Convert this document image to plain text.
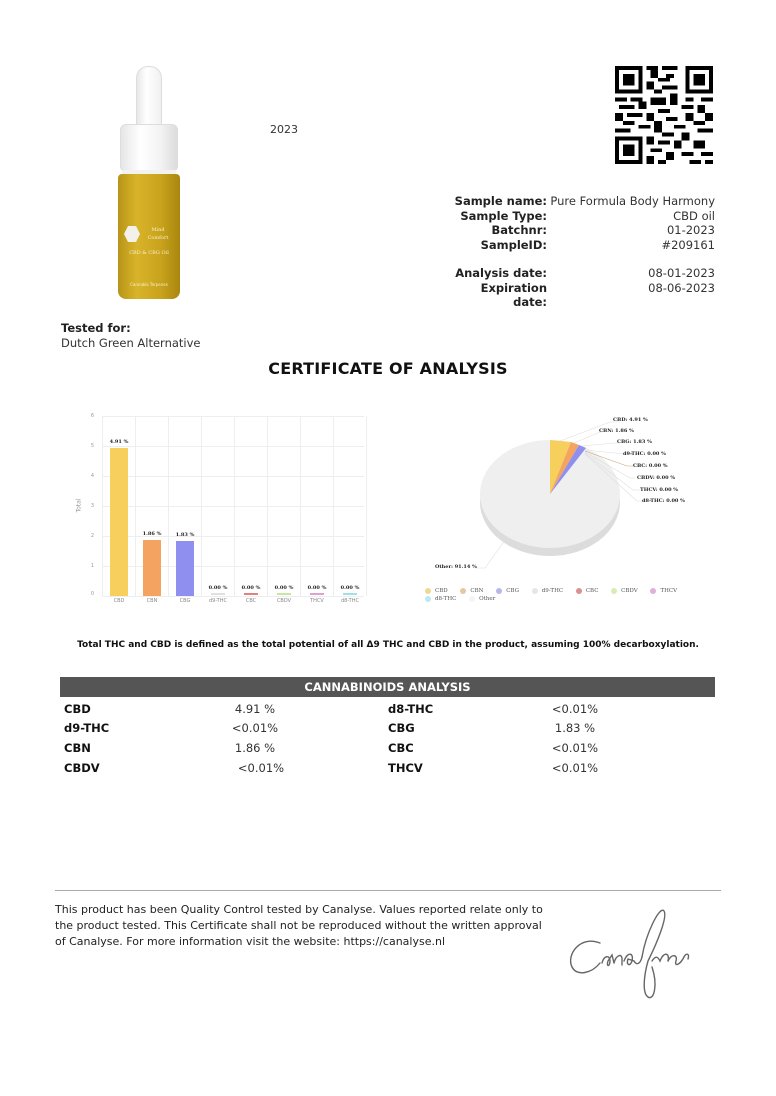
Mind
Comfort
CBD & CBG Oil
Cannabis Terpenes
2023
Sample name: Pure Formula Body Harmony
Sample Type:	CBD oil
Batchnr:	01-2023
SampleID:	#209161
Analysis date:	08-01-2023
Expiration date:
08-06-2023
Tested for:
Dutch Green Alternative
CERTIFICATE OF ANALYSIS
6
5
4
3
2
1
0
Total
4.91 %
1.86 %	1.83 %
0.00 %	0.00 %	0.00 %	0.00 %	0.00 %
CBD	CBN	CBG	d9-THC	CBC	CBDV	THCV	d8-THC
CBD: 4.91 %
CBN: 1.86 %
CBG: 1.83 %
d9-THC: 0.00 %
CBC: 0.00 %
CBDV: 0.00 %
THCV: 0.00 %
d8-THC: 0.00 %
Other: 91.14 %
CBD
	CBN
	CBG
	d9-THC
	CBC
	CBDV
	THCV

d8-THC
	Other
Total THC and CBD is defined as the total potential of all Δ9 THC and CBD in the product, assuming 100% decarboxylation.
CANNABINOIDS ANALYSIS
CBD	4.91 %	d8-THC	<0.01%
d9-THC	<0.01%	CBG	1.83 %
CBN	1.86 %	CBC	<0.01%
CBDV	<0.01%	THCV	<0.01%
This product has been Quality Control tested by Canalyse. Values reported relate only to the product tested. This Certificate shall not be reproduced without the written approval of Canalyse. For more information visit the website: https://canalyse.nl
